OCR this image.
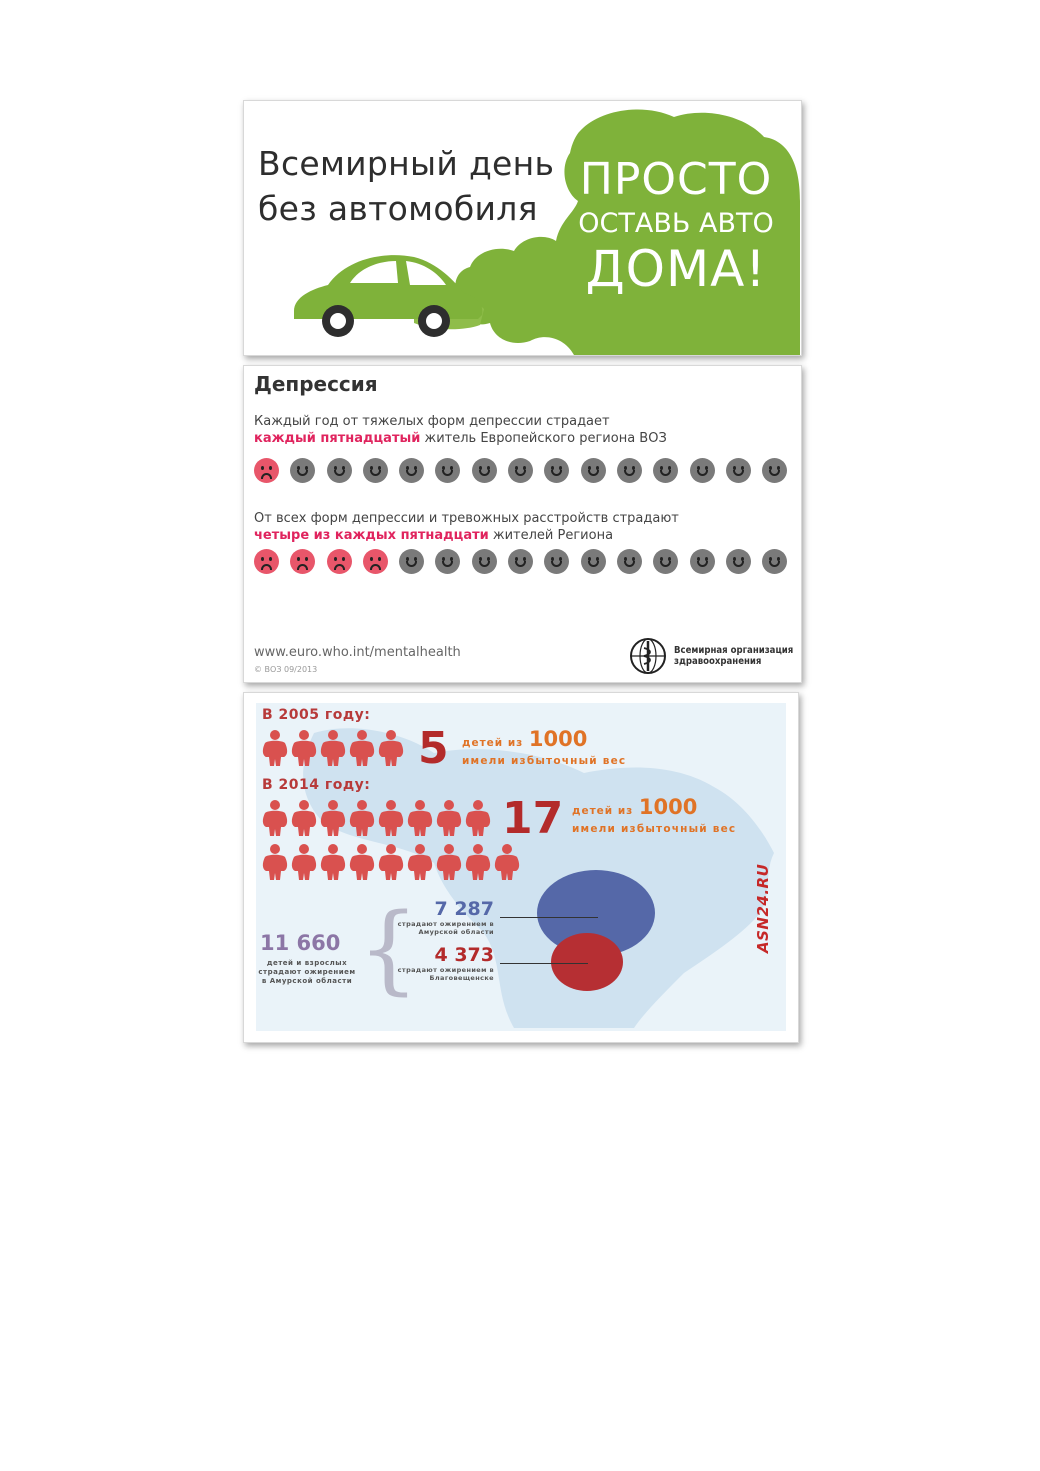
Всемирный день
без автомобиля
ПРОСТО
ОСТАВЬ АВТО
ДОМА!
Депрессия
Каждый год от тяжелых форм депрессии страдает
каждый пятнадцатый житель Европейского региона ВОЗ
От всех форм депрессии и тревожных расстройств страдают
четыре из каждых пятнадцати жителей Региона
www.euro.who.int/mentalhealth
© ВОЗ 09/2013
Всемирная организация
здравоохранения
В 2005 году:
5 детей из 1000
имели избыточный вес
В 2014 году:
17 детей из 1000
имели избыточный вес
11 660
детей и взрослых страдают ожирением в Амурской области { 7 287
страдают ожирением в Амурской области
4 373
страдают ожирением в Благовещенске
ASN24.RU
